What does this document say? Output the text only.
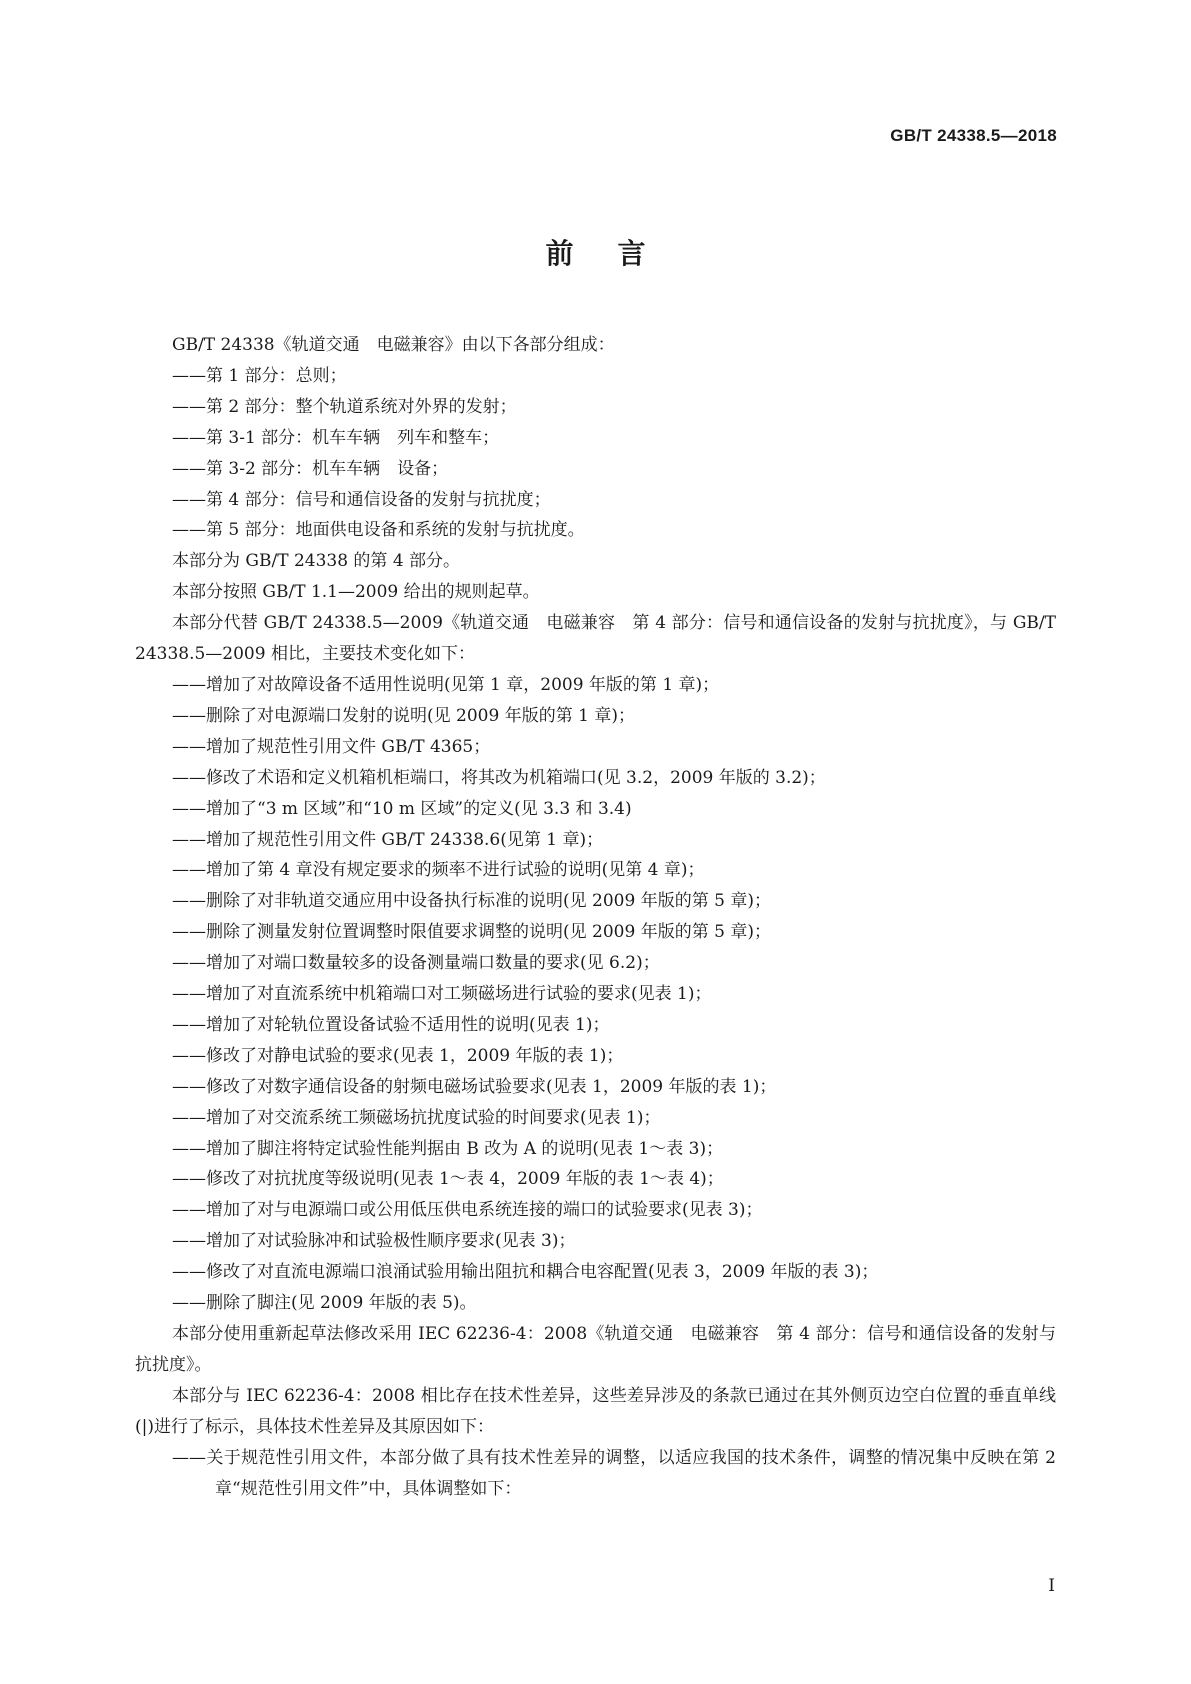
GB/T 24338.5—2018
前言

GB/T 24338《轨道交通　电磁兼容》由以下各部分组成：

——第 1 部分：总则；

——第 2 部分：整个轨道系统对外界的发射；

——第 3-1 部分：机车车辆　列车和整车；

——第 3-2 部分：机车车辆　设备；

——第 4 部分：信号和通信设备的发射与抗扰度；

——第 5 部分：地面供电设备和系统的发射与抗扰度。

本部分为 GB/T 24338 的第 4 部分。

本部分按照 GB/T 1.1—2009 给出的规则起草。

本部分代替 GB/T 24338.5—2009《轨道交通　电磁兼容　第 4 部分：信号和通信设备的发射与抗扰度》，与 GB/T 24338.5—2009 相比，主要技术变化如下：

——增加了对故障设备不适用性说明(见第 1 章，2009 年版的第 1 章)；

——删除了对电源端口发射的说明(见 2009 年版的第 1 章)；

——增加了规范性引用文件 GB/T 4365；

——修改了术语和定义机箱机柜端口，将其改为机箱端口(见 3.2，2009 年版的 3.2)；

——增加了“3 m 区域”和“10 m 区域”的定义(见 3.3 和 3.4)

——增加了规范性引用文件 GB/T 24338.6(见第 1 章)；

——增加了第 4 章没有规定要求的频率不进行试验的说明(见第 4 章)；

——删除了对非轨道交通应用中设备执行标准的说明(见 2009 年版的第 5 章)；

——删除了测量发射位置调整时限值要求调整的说明(见 2009 年版的第 5 章)；

——增加了对端口数量较多的设备测量端口数量的要求(见 6.2)；

——增加了对直流系统中机箱端口对工频磁场进行试验的要求(见表 1)；

——增加了对轮轨位置设备试验不适用性的说明(见表 1)；

——修改了对静电试验的要求(见表 1，2009 年版的表 1)；

——修改了对数字通信设备的射频电磁场试验要求(见表 1，2009 年版的表 1)；

——增加了对交流系统工频磁场抗扰度试验的时间要求(见表 1)；

——增加了脚注将特定试验性能判据由 B 改为 A 的说明(见表 1～表 3)；

——修改了对抗扰度等级说明(见表 1～表 4，2009 年版的表 1～表 4)；

——增加了对与电源端口或公用低压供电系统连接的端口的试验要求(见表 3)；

——增加了对试验脉冲和试验极性顺序要求(见表 3)；

——修改了对直流电源端口浪涌试验用输出阻抗和耦合电容配置(见表 3，2009 年版的表 3)；

——删除了脚注(见 2009 年版的表 5)。

本部分使用重新起草法修改采用 IEC 62236-4：2008《轨道交通　电磁兼容　第 4 部分：信号和通信设备的发射与抗扰度》。

本部分与 IEC 62236-4：2008 相比存在技术性差异，这些差异涉及的条款已通过在其外侧页边空白位置的垂直单线(|)进行了标示，具体技术性差异及其原因如下：

——关于规范性引用文件，本部分做了具有技术性差异的调整，以适应我国的技术条件，调整的情况集中反映在第 2 章“规范性引用文件”中，具体调整如下：

I
